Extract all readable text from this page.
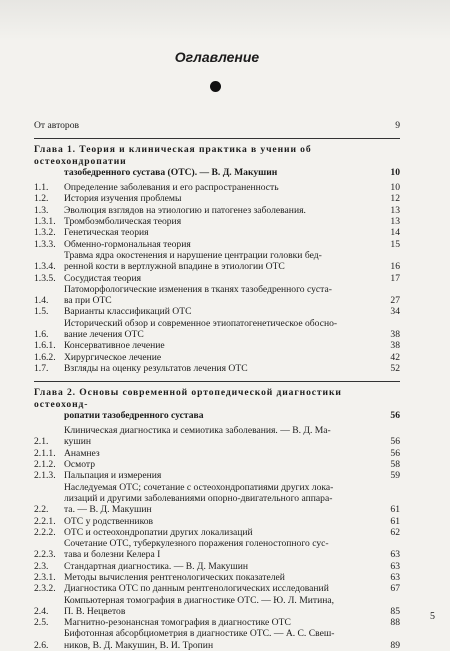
Оглавление
От авторов	9
Глава 1. Теория и клиническая практика в учении об остеохондропатии
тазобедренного сустава (ОТС). — В. Д. Макушин	10
1.1.	Определение заболевания и его распространенность	10
1.2.	История изучения проблемы	12
1.3.	Эволюция взглядов на этиологию и патогенез заболевания.	13
1.3.1. Тромбоэмболическая теория	13
1.3.2. Генетическая теория	14
1.3.3. Обменно-гормональная теория	15
1.3.4.
Травма ядра окостенения и нарушение центрации головки бед-
ренной кости в вертлужной впадине в этиологии ОТС	16
1.3.5. Сосудистая теория	17
1.4.
Патоморфологические изменения в тканях тазобедренного суста-
ва при ОТС	27
1.5.	Варианты классификаций ОТС	34
1.6.
Исторический обзор и современное этиопатогенетическое обосно-
вание лечения ОТС	38
1.6.1. Консервативное лечение	38
1.6.2. Хирургическое лечение	42
1.7.	Взгляды на оценку результатов лечения ОТС	52
Глава 2. Основы современной ортопедической диагностики остеохонд-
ропатии тазобедренного сустава	56
2.1.
Клиническая диагностика и семиотика заболевания. — В. Д. Ма-
кушин	56
2.1.1. Анамнез	56
2.1.2. Осмотр	58
2.1.3. Пальпация и измерения	59
2.2.
Наследуемая ОТС; сочетание с остеохондропатиями других лока-
лизаций и другими заболеваниями опорно-двигательного аппара-
та. — В. Д. Макушин	61
2.2.1. ОТС у родственников	61
2.2.2. ОТС и остеохондропатии других локализаций	62
2.2.3.
Сочетание ОТС, туберкулезного поражения голеностопного сус-
тава и болезни Келера I	63
2.3.	Стандартная диагностика. — В. Д. Макушин	63
2.3.1. Методы вычисления рентгенологических показателей	63
2.3.2. Диагностика ОТС по данным рентгенологических исследований	67
2.4.
Компьютерная томография в диагностике ОТС. — Ю. Л. Митина,
П. В. Нецветов	85
2.5.	Магнитно-резонансная томография в диагностике ОТС	88
2.6.
Бифотонная абсорбциометрия в диагностике ОТС. — А. С. Свеш-
ников, В. Д. Макушин, В. И. Тропин	89
5
